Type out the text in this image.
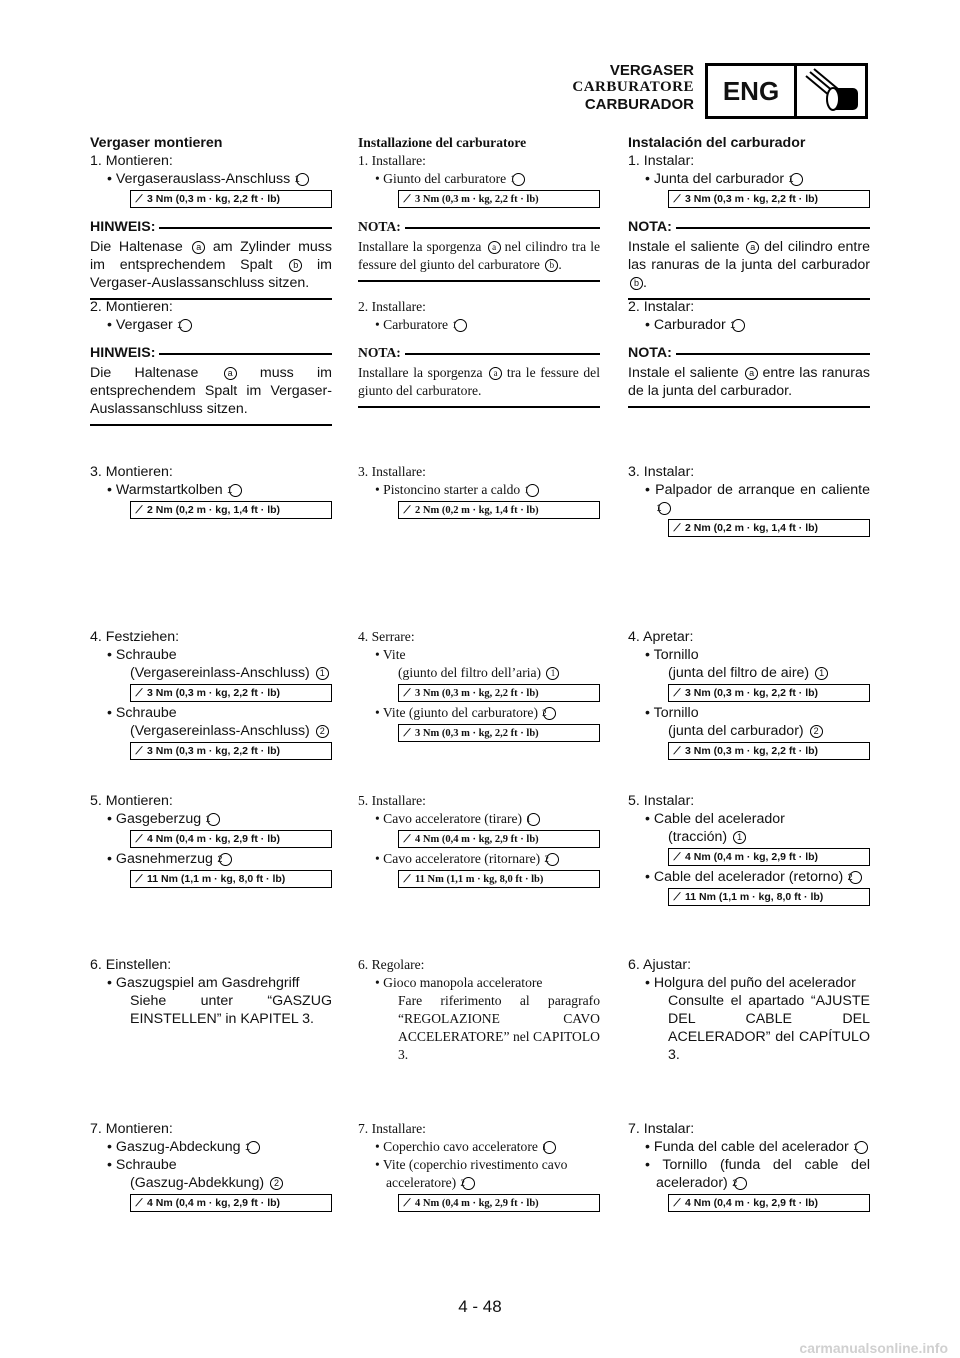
VERGASER
CARBURATORE
CARBURADOR	ENG
Vergaser montieren
1. Montieren:
• Vergaserauslass-Anschluss 1
⟋ 3 Nm (0,3 m · kg, 2,2 ft · lb)
HINWEIS:

Die Haltenase a am Zylinder muss im entsprechendem Spalt b im Vergaser-Auslassanschluss sitzen.

2. Montieren:
• Vergaser 1
HINWEIS:

Die Haltenase	a muss im entsprechendem Spalt im Vergaser-Auslassanschluss sitzen.

3. Montieren:
• Warmstartkolben 1
⟋ 2 Nm (0,2 m · kg, 1,4 ft · lb)
4. Festziehen:
• Schraube
(Vergasereinlass-Anschluss) 1
⟋ 3 Nm (0,3 m · kg, 2,2 ft · lb)
• Schraube
(Vergasereinlass-Anschluss) 2
⟋ 3 Nm (0,3 m · kg, 2,2 ft · lb)
5. Montieren:
• Gasgeberzug 1
⟋ 4 Nm (0,4 m · kg, 2,9 ft · lb)
• Gasnehmerzug 2
⟋ 11 Nm (1,1 m · kg, 8,0 ft · lb)
6. Einstellen:
• Gaszugspiel am Gasdrehgriff
Siehe unter “GASZUG EINSTELLEN” in KAPITEL 3.
7. Montieren:
• Gaszug-Abdeckung 1
• Schraube
(Gaszug-Abdekkung) 2
⟋ 4 Nm (0,4 m · kg, 2,9 ft · lb)
Installazione del carburatore
1. Installare:
• Giunto del carburatore 1
⟋ 3 Nm (0,3 m · kg, 2,2 ft · lb)
NOTA:

Installare la sporgenza a nel cilindro tra le fessure del giunto del carburatore b .

2. Installare:
• Carburatore 1
NOTA:

Installare la sporgenza a tra le fessure del giunto del carburatore.

3. Installare:
• Pistoncino starter a caldo 1
⟋ 2 Nm (0,2 m · kg, 1,4 ft · lb)
4. Serrare:
• Vite
(giunto del filtro dell’aria) 1
⟋ 3 Nm (0,3 m · kg, 2,2 ft · lb)
• Vite (giunto del carburatore) 2
⟋ 3 Nm (0,3 m · kg, 2,2 ft · lb)
5. Installare:
• Cavo acceleratore (tirare) 1
⟋ 4 Nm (0,4 m · kg, 2,9 ft · lb)
• Cavo acceleratore (ritornare) 2
⟋ 11 Nm (1,1 m · kg, 8,0 ft · lb)
6. Regolare:
• Gioco manopola acceleratore
Fare riferimento al paragrafo “REGOLAZIONE CAVO ACCELERATORE” nel CAPITOLO 3.
7. Installare:
• Coperchio cavo acceleratore 1
• Vite (coperchio rivestimento cavo acceleratore) 2
⟋ 4 Nm (0,4 m · kg, 2,9 ft · lb)
Instalación del carburador
1. Instalar:
• Junta del carburador 1
⟋ 3 Nm (0,3 m · kg, 2,2 ft · lb)
NOTA:

Instale el saliente a del cilindro entre las ranuras de la junta del carburador b .

2. Instalar:
• Carburador 1
NOTA:

Instale el saliente a entre las ranuras de la junta del carburador.

3. Instalar:
• Palpador de arranque en caliente 1
⟋ 2 Nm (0,2 m · kg, 1,4 ft · lb)
4. Apretar:
• Tornillo
(junta del filtro de aire) 1
⟋ 3 Nm (0,3 m · kg, 2,2 ft · lb)
• Tornillo
(junta del carburador) 2
⟋ 3 Nm (0,3 m · kg, 2,2 ft · lb)
5. Instalar:
• Cable del acelerador
(tracción) 1
⟋ 4 Nm (0,4 m · kg, 2,9 ft · lb)
• Cable del acelerador (retorno) 2
⟋ 11 Nm (1,1 m · kg, 8,0 ft · lb)
6. Ajustar:
• Holgura del puño del acelerador
Consulte el apartado “AJUSTE DEL CABLE DEL ACELERADOR” del CAPÍTULO 3.
7. Instalar:
• Funda del cable del acelerador 1
• Tornillo (funda del cable del acelerador) 2
⟋ 4 Nm (0,4 m · kg, 2,9 ft · lb)
4 - 48
carmanualsonline.info
